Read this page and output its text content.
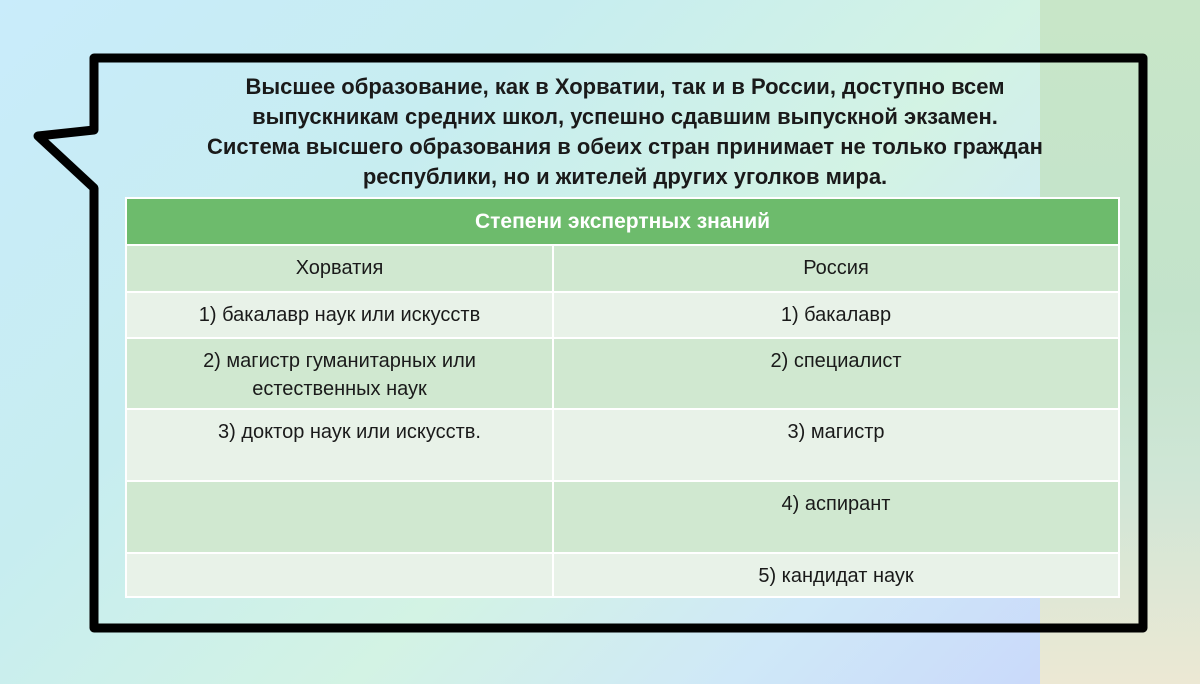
Высшее образование, как в Хорватии, так и в России, доступно всем
выпускникам средних школ, успешно сдавшим выпускной экзамен.
Система высшего образования в обеих стран принимает не только граждан
республики, но и жителей других уголков мира.

Степени экспертных знаний	
Хорватия	Россия
1) бакалавр наук или искусств	1) бакалавр
2) магистр гуманитарных или естественных наук	2) специалист
3) доктор наук или искусств.	3) магистр
	4) аспирант
	5) кандидат наук
